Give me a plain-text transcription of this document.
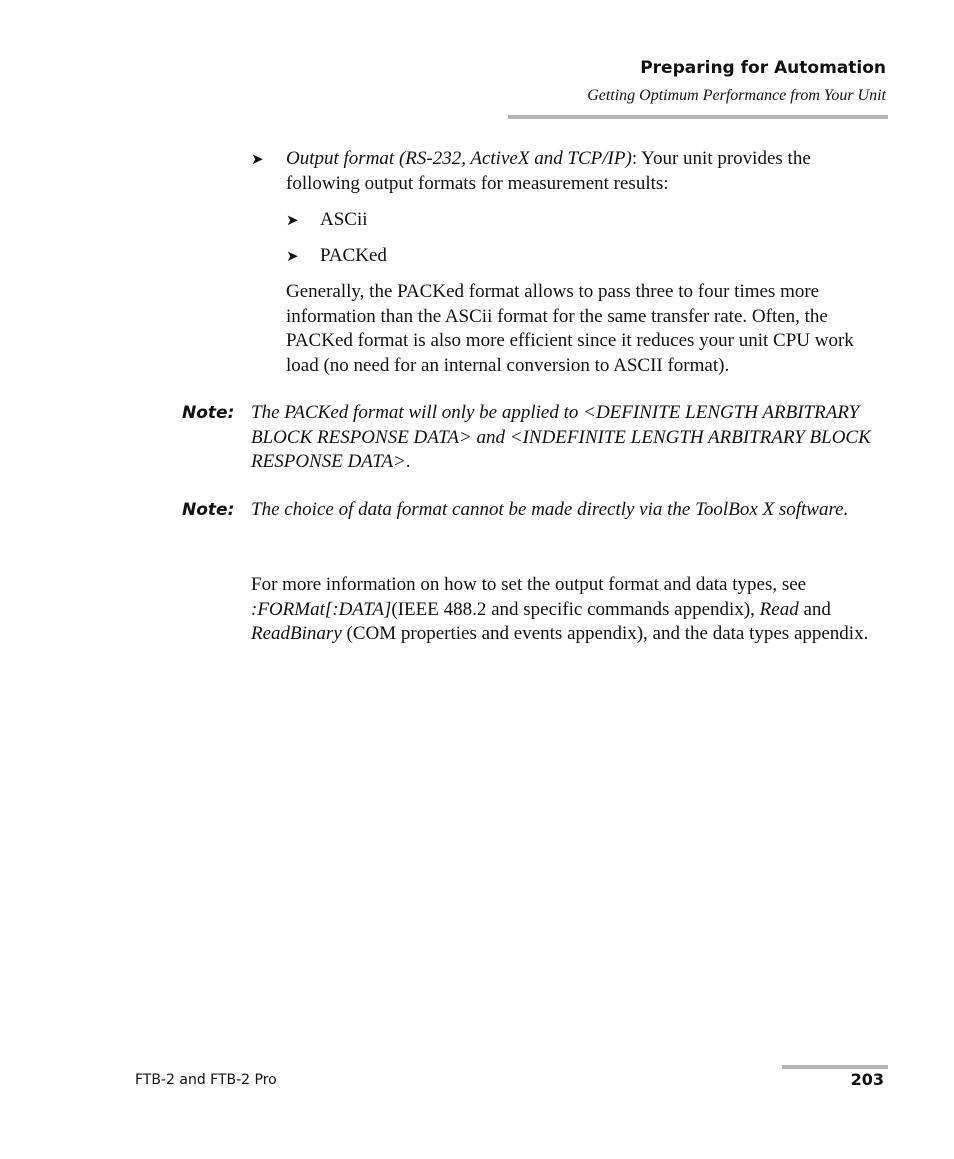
Preparing for Automation
Getting Optimum Performance from Your Unit
➤ Output format (RS-232, ActiveX and TCP/IP): Your unit provides the following output formats for measurement results:

➤ ASCii
➤ PACKed

Generally, the PACKed format allows to pass three to four times more information than the ASCii format for the same transfer rate. Often, the PACKed format is also more efficient since it reduces your unit CPU work load (no need for an internal conversion to ASCII format).

Note: The PACKed format will only be applied to <DEFINITE LENGTH ARBITRARY BLOCK RESPONSE DATA> and <INDEFINITE LENGTH ARBITRARY BLOCK RESPONSE DATA>.

Note: The choice of data format cannot be made directly via the ToolBox X software.

For more information on how to set the output format and data types, see :FORMat[:DATA](IEEE 488.2 and specific commands appendix), Read and ReadBinary (COM properties and events appendix), and the data types appendix.

FTB-2 and FTB-2 Pro	203
